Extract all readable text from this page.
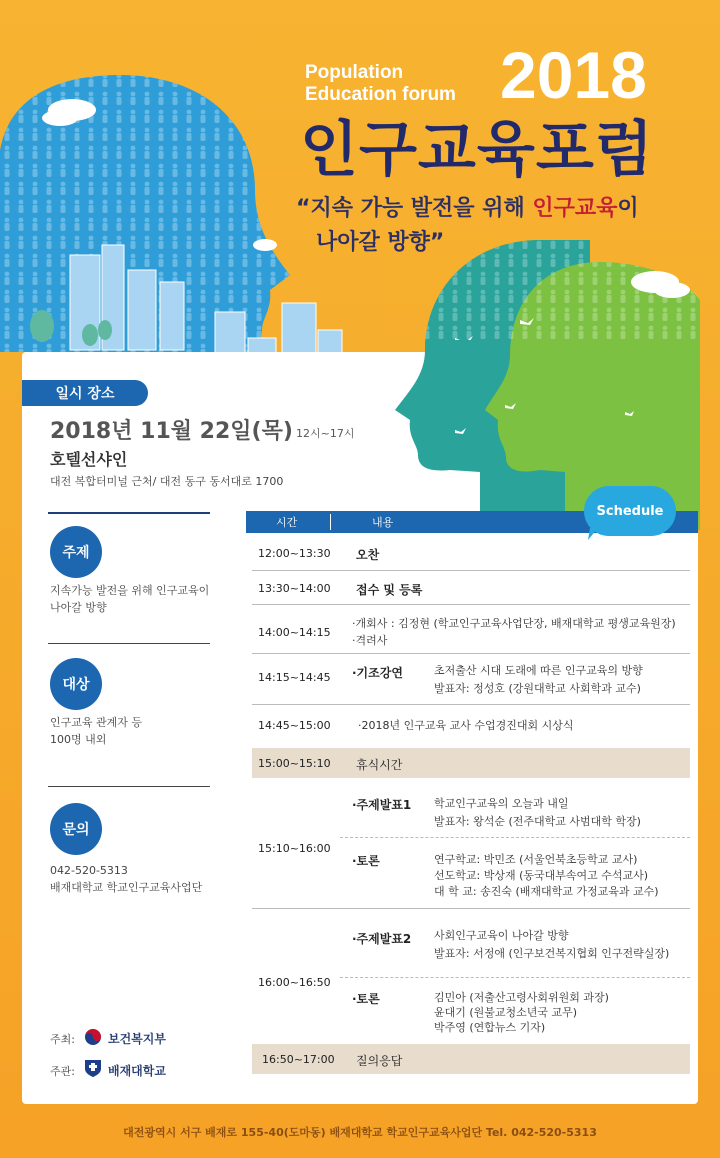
Population
Education forum 2018
인구교육포럼
“지속 가능 발전을 위해 인구교육이
나아갈 방향”
일시 장소
2018년 11월 22일(목) 12시~17시
호텔선샤인
대전 복합터미널 근처/ 대전 동구 동서대로 1700
주제
지속가능 발전을 위해 인구교육이
나아갈 방향
대상
인구교육 관계자 등
100명 내외
문의
042-520-5313
배재대학교 학교인구교육사업단
주최:	보건복지부
주관:	배재대학교
시간	내용
Schedule
12:00~13:30 오찬
13:30~14:00 접수 및 등록
14:00~14:15
·개회사 : 김정현 (학교인구교육사업단장, 배재대학교 평생교육원장)
·격려사
14:15~14:45 ·기조강연	초저출산 시대 도래에 따른 인구교육의 방향
발표자: 정성호 (강원대학교 사회학과 교수)
14:45~15:00 ·2018년 인구교육 교사 수업경진대회 시상식
15:00~15:10 휴식시간
15:10~16:00
·주제발표1 학교인구교육의 오늘과 내일
발표자: 왕석순 (전주대학교 사범대학 학장)
·토론	연구학교: 박민조 (서울언북초등학교 교사)
선도학교: 박상재 (동국대부속여고 수석교사)
대 학 교: 송진숙 (배재대학교 가정교육과 교수)
16:00~16:50
·주제발표2 사회인구교육이 나아갈 방향
발표자: 서정애 (인구보건복지협회 인구전략실장)
·토론	김민아 (저출산고령사회위원회 과장)
윤대기 (원불교청소년국 교무)
박주영 (연합뉴스 기자)
16:50~17:00 질의응답
대전광역시 서구 배재로 155-40(도마동) 배재대학교 학교인구교육사업단 Tel. 042-520-5313
